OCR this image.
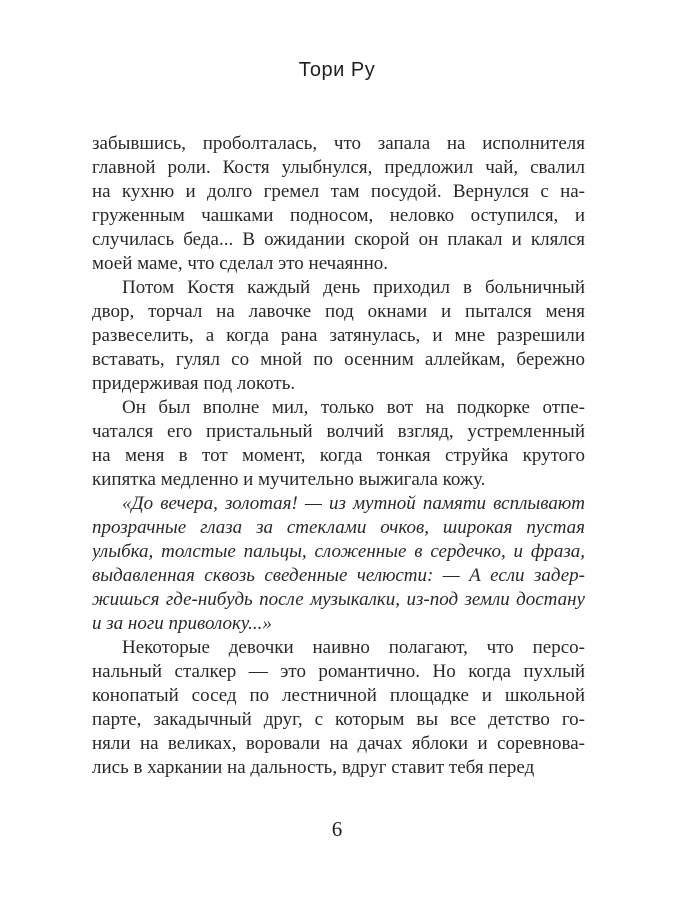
Тори Ру
забывшись, проболталась, что запала на исполнителя
главной роли. Костя улыбнулся, предложил чай, свалил
на кухню и долго гремел там посудой. Вернулся с на-
груженным чашками подносом, неловко оступился, и
случилась беда... В ожидании скорой он плакал и клялся
моей маме, что сделал это нечаянно.
Потом Костя каждый день приходил в больничный
двор, торчал на лавочке под окнами и пытался меня
развеселить, а когда рана затянулась, и мне разрешили
вставать, гулял со мной по осенним аллейкам, бережно
придерживая под локоть.
Он был вполне мил, только вот на подкорке отпе-
чатался его пристальный волчий взгляд, устремленный
на меня в тот момент, когда тонкая струйка крутого
кипятка медленно и мучительно выжигала кожу.
«До вечера, золотая! — из мутной памяти всплывают
прозрачные глаза за стеклами очков, широкая пустая
улыбка, толстые пальцы, сложенные в сердечко, и фраза,
выдавленная сквозь сведенные челюсти: — А если задер-
жишься где-нибудь после музыкалки, из-под земли достану
и за ноги приволоку...»
Некоторые девочки наивно полагают, что персо-
нальный сталкер — это романтично. Но когда пухлый
конопатый сосед по лестничной площадке и школьной
парте, закадычный друг, с которым вы все детство го-
няли на великах, воровали на дачах яблоки и соревнова-
лись в харкании на дальность, вдруг ставит тебя перед
6
